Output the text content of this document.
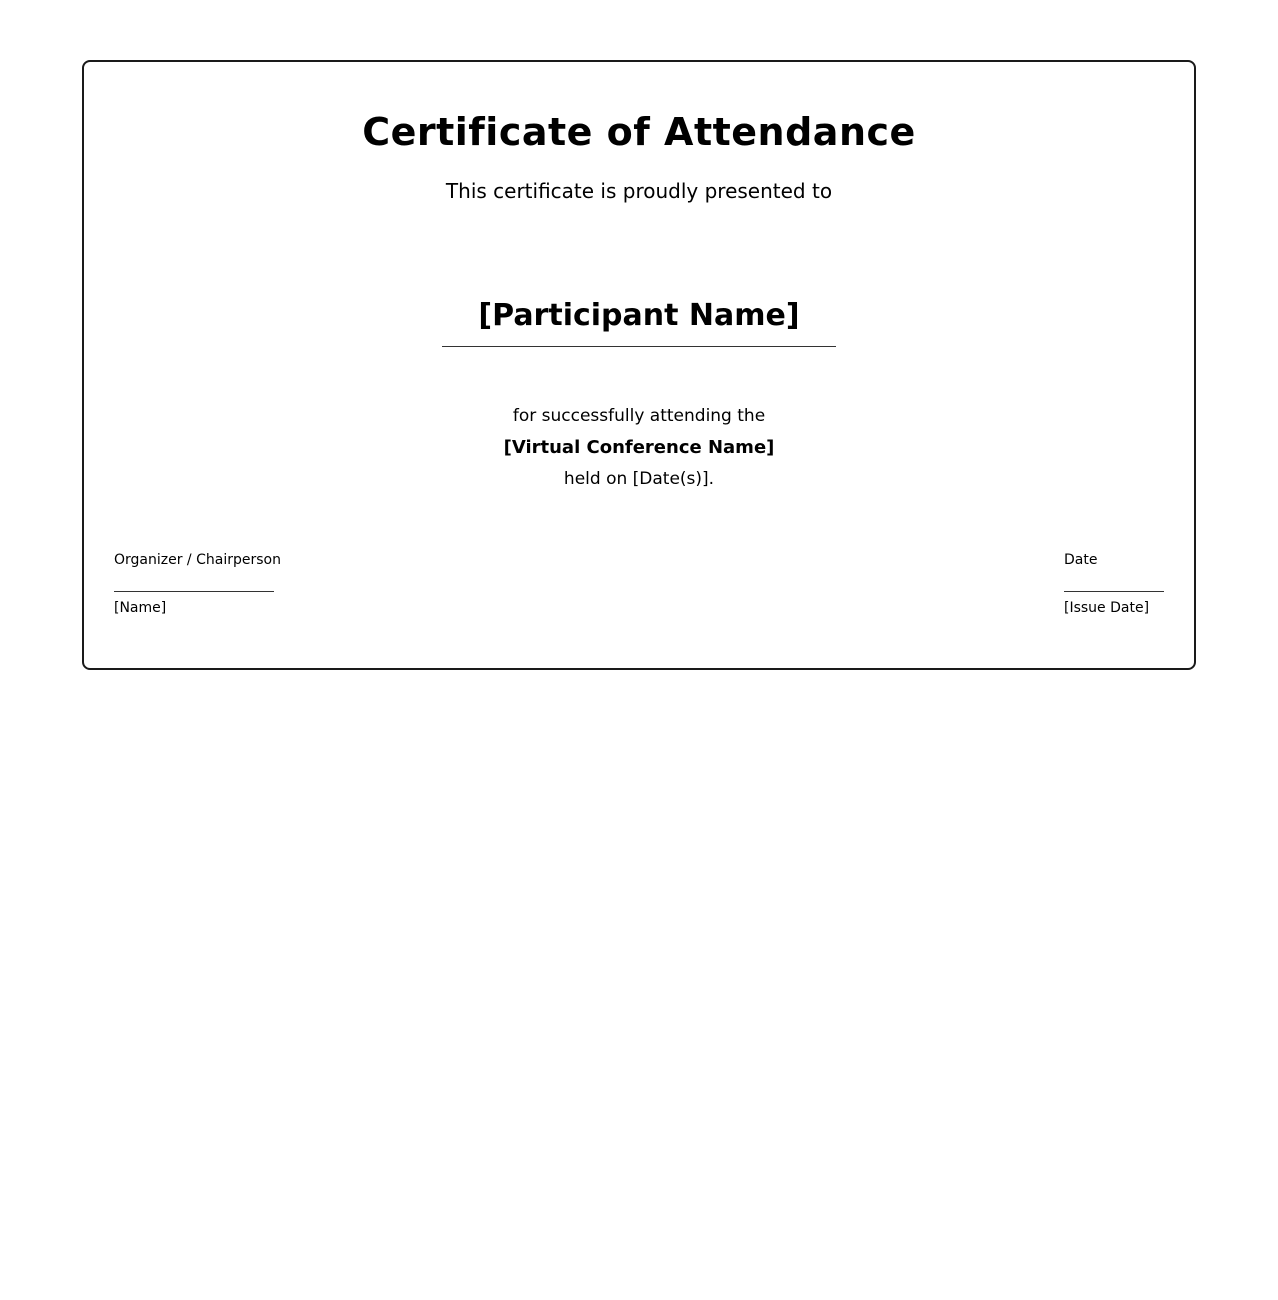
Certificate of Attendance
This certificate is proudly presented to
[Participant Name]
for successfully attending the
[Virtual Conference Name]
held on [Date(s)].
Organizer / Chairperson
[Name]
Date
[Issue Date]
